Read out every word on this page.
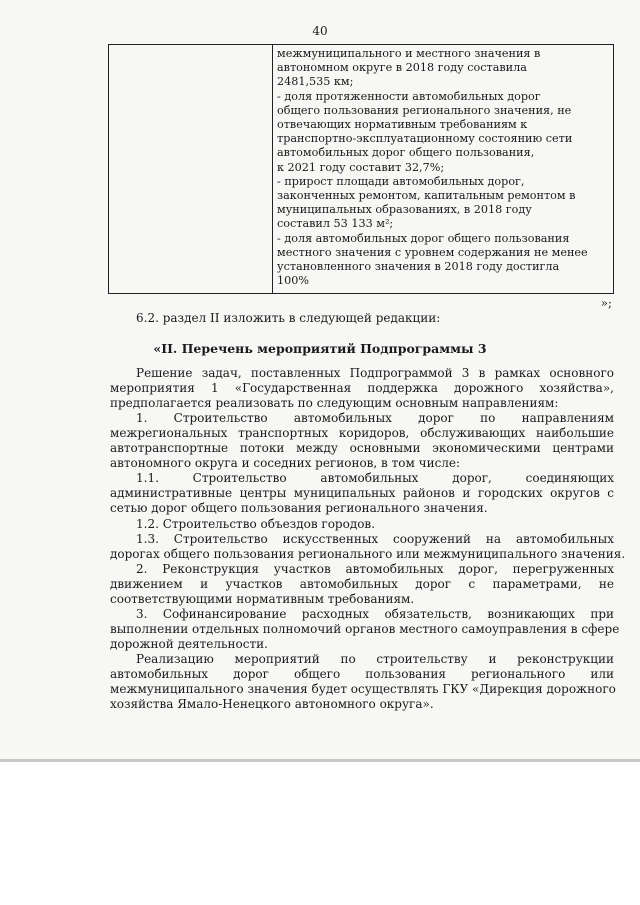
40
межмуниципального и местного значения в
автономном округе в 2018 году составила
2481,535 км;
- доля протяженности автомобильных дорог
общего пользования регионального значения, не
отвечающих нормативным требованиям к
транспортно-эксплуатационному состоянию сети
автомобильных дорог общего пользования,
к 2021 году составит 32,7%;
- прирост площади автомобильных дорог,
законченных ремонтом, капитальным ремонтом в
муниципальных образованиях, в 2018 году
составил 53 133 м²;
- доля автомобильных дорог общего пользования
местного значения с уровнем содержания не менее
установленного значения в 2018 году достигла
100%
»;
6.2. раздел II изложить в следующей редакции:
«II. Перечень мероприятий Подпрограммы 3
Решение задач, поставленных Подпрограммой 3 в рамках основного
мероприятия 1 «Государственная поддержка дорожного хозяйства»,
предполагается реализовать по следующим основным направлениям:
1. Строительство автомобильных дорог по направлениям
межрегиональных транспортных коридоров, обслуживающих наибольшие
автотранспортные потоки между основными экономическими центрами
автономного округа и соседних регионов, в том числе:
1.1. Строительство автомобильных дорог, соединяющих
административные центры муниципальных районов и городских округов с
сетью дорог общего пользования регионального значения.
1.2. Строительство объездов городов.
1.3. Строительство искусственных сооружений на автомобильных
дорогах общего пользования регионального или межмуниципального значения.
2. Реконструкция участков автомобильных дорог, перегруженных
движением и участков автомобильных дорог с параметрами, не
соответствующими нормативным требованиям.
3. Софинансирование расходных обязательств, возникающих при
выполнении отдельных полномочий органов местного самоуправления в сфере
дорожной деятельности.
Реализацию мероприятий по строительству и реконструкции
автомобильных дорог общего пользования регионального или
межмуниципального значения будет осуществлять ГКУ «Дирекция дорожного
хозяйства Ямало-Ненецкого автономного округа».
